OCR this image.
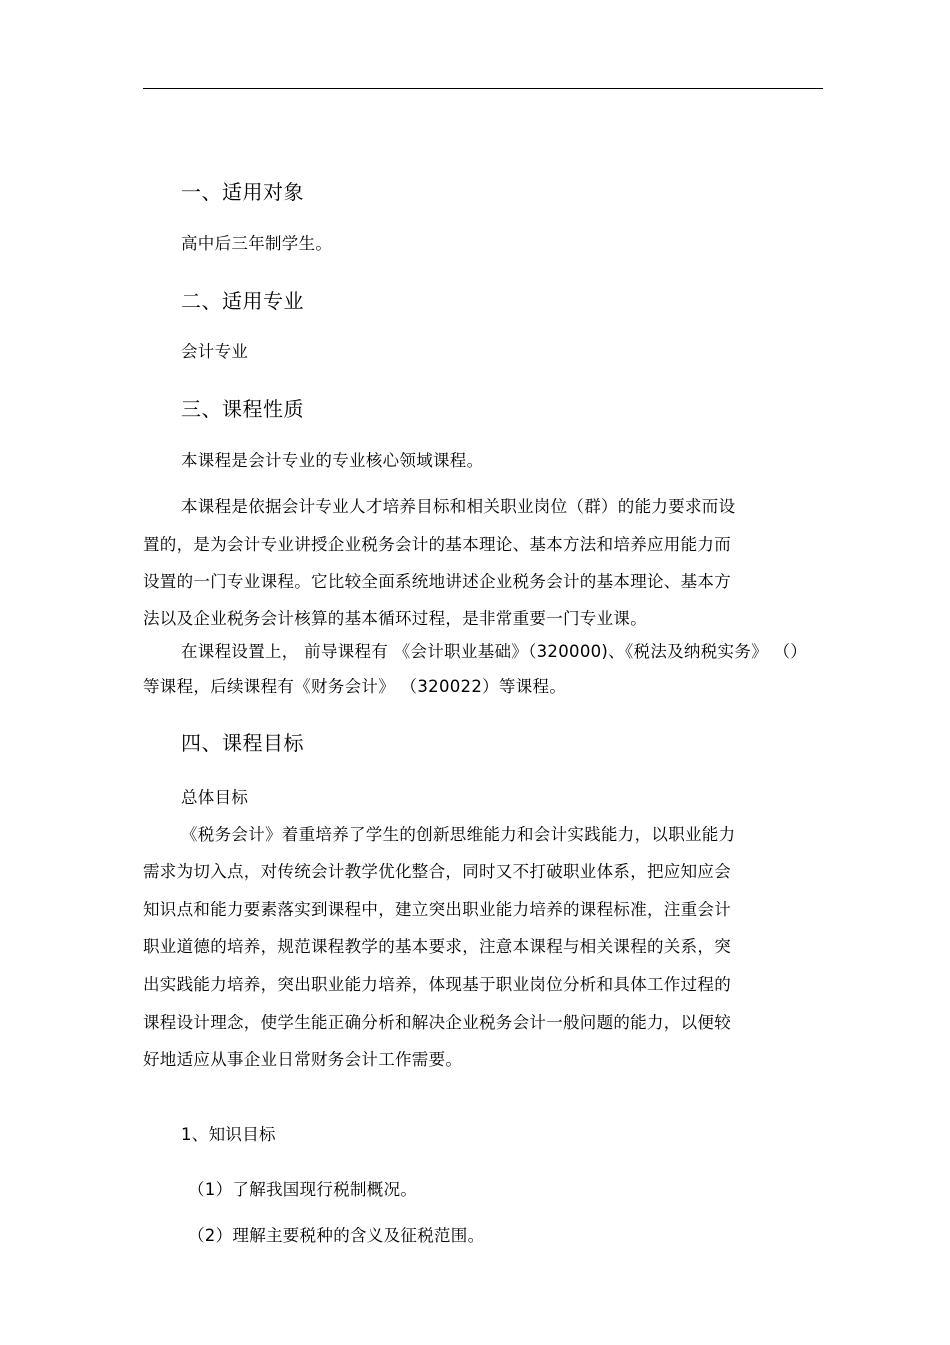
一、适用对象
高中后三年制学生。
二、适用专业
会计专业
三、课程性质
本课程是会计专业的专业核心领域课程。
本课程是依据会计专业人才培养目标和相关职业岗位（群）的能力要求而设
置的，是为会计专业讲授企业税务会计的基本理论、基本方法和培养应用能力而
设置的一门专业课程。它比较全面系统地讲述企业税务会计的基本理论、基本方
法以及企业税务会计核算的基本循环过程，是非常重要一门专业课。
在课程设置上， 前导课程有 《会计职业基础》（320000)、《税法及纳税实务》 （）
等课程，后续课程有《财务会计》 （320022）等课程。
四、课程目标
总体目标
《税务会计》着重培养了学生的创新思维能力和会计实践能力，以职业能力
需求为切入点，对传统会计教学优化整合，同时又不打破职业体系，把应知应会
知识点和能力要素落实到课程中，建立突出职业能力培养的课程标准，注重会计
职业道德的培养，规范课程教学的基本要求，注意本课程与相关课程的关系，突
出实践能力培养，突出职业能力培养，体现基于职业岗位分析和具体工作过程的
课程设计理念，使学生能正确分析和解决企业税务会计一般问题的能力，以便较
好地适应从事企业日常财务会计工作需要。
1、知识目标
（1）了解我国现行税制概况。
（2）理解主要税种的含义及征税范围。
